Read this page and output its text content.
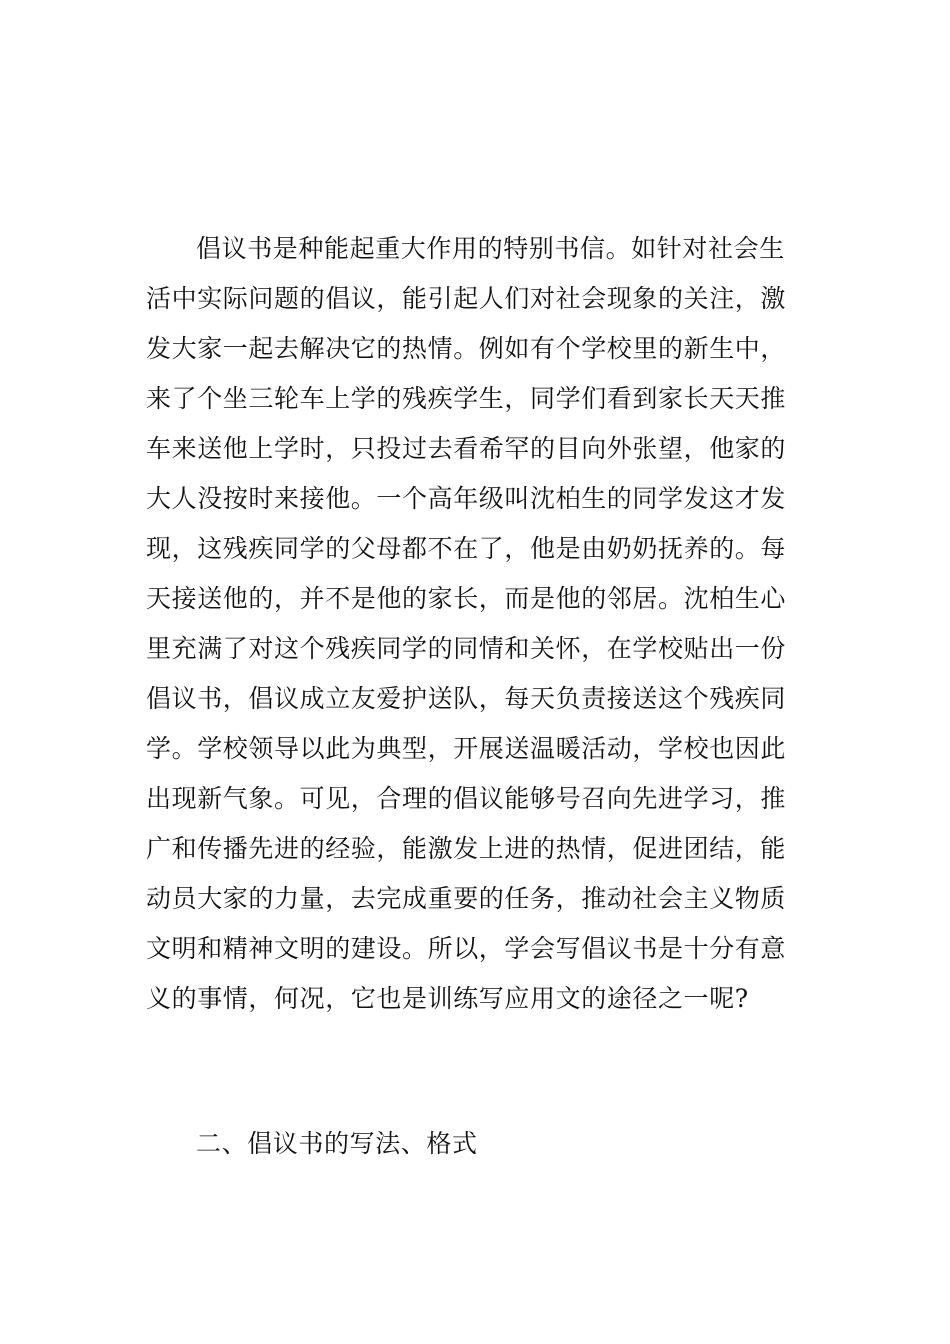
倡议书是种能起重大作用的特别书信。如针对社会生
活中实际问题的倡议，能引起人们对社会现象的关注，激
发大家一起去解决它的热情。例如有个学校里的新生中，
来了个坐三轮车上学的残疾学生，同学们看到家长天天推
车来送他上学时，只投过去看希罕的目向外张望，他家的
大人没按时来接他。一个高年级叫沈柏生的同学发这才发
现，这残疾同学的父母都不在了，他是由奶奶抚养的。每
天接送他的，并不是他的家长，而是他的邻居。沈柏生心
里充满了对这个残疾同学的同情和关怀，在学校贴出一份
倡议书，倡议成立友爱护送队，每天负责接送这个残疾同
学。学校领导以此为典型，开展送温暖活动，学校也因此
出现新气象。可见，合理的倡议能够号召向先进学习，推
广和传播先进的经验，能激发上进的热情，促进团结，能
动员大家的力量，去完成重要的任务，推动社会主义物质
文明和精神文明的建设。所以，学会写倡议书是十分有意
义的事情，何况，它也是训练写应用文的途径之一呢?
二、倡议书的写法、格式
